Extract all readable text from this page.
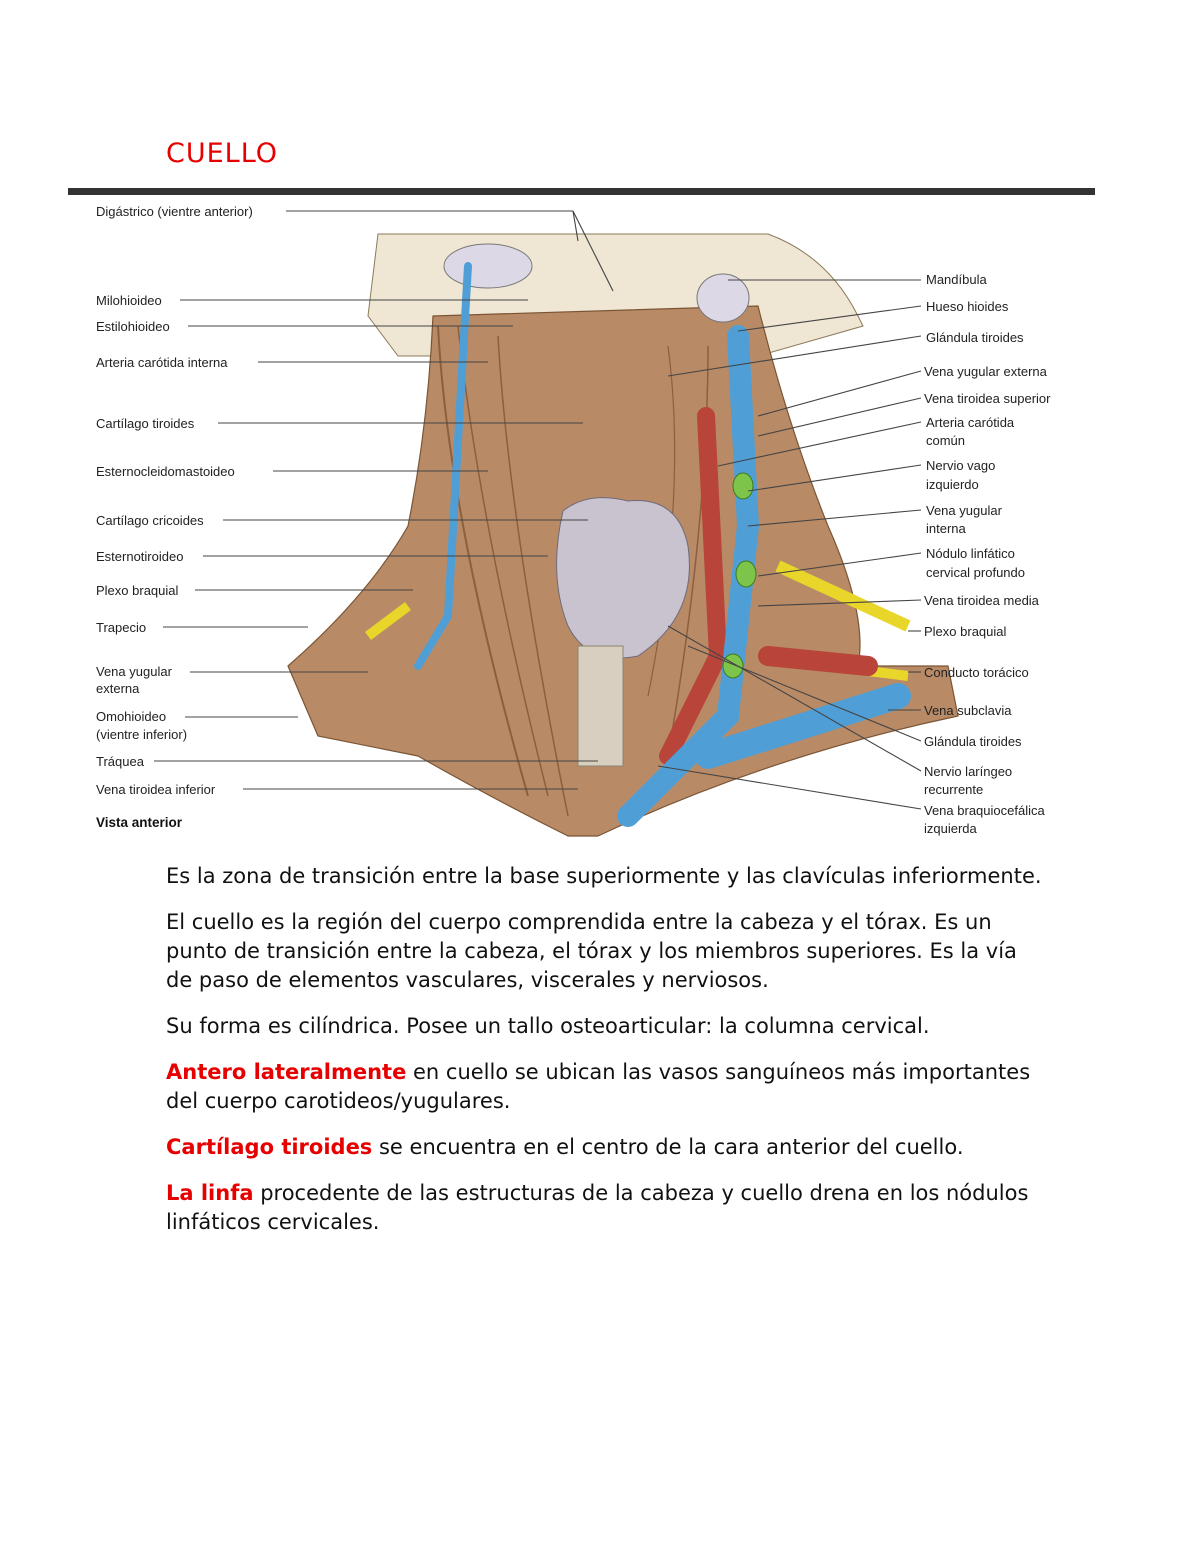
CUELLO
Digástrico (vientre anterior)
Milohioideo
Estilohioideo
Arteria carótida interna
Cartílago tiroides
Esternocleidomastoideo
Cartílago cricoides
Esternotiroideo
Plexo braquial
Trapecio
Vena yugular
externa
Omohioideo
(vientre inferior)
Tráquea
Vena tiroidea inferior
Vista anterior
Mandíbula
Hueso hioides
Glándula tiroides
Vena yugular externa
Vena tiroidea superior
Arteria carótida
común
Nervio vago
izquierdo
Vena yugular
interna
Nódulo linfático
cervical profundo
Vena tiroidea media
Plexo braquial
Conducto torácico
Vena subclavia
Glándula tiroides
Nervio laríngeo
recurrente
Vena braquiocefálica
izquierda

Es la zona de transición entre la base superiormente y las clavículas inferiormente.

El cuello es la región del cuerpo comprendida entre la cabeza y el tórax. Es un punto de transición entre la cabeza, el tórax y los miembros superiores. Es la vía de paso de elementos vasculares, viscerales y nerviosos.

Su forma es cilíndrica. Posee un tallo osteoarticular: la columna cervical.

Antero lateralmente en cuello se ubican las vasos sanguíneos más importantes del cuerpo carotideos/yugulares.

Cartílago tiroides se encuentra en el centro de la cara anterior del cuello.

La linfa procedente de las estructuras de la cabeza y cuello drena en los nódulos linfáticos cervicales.
